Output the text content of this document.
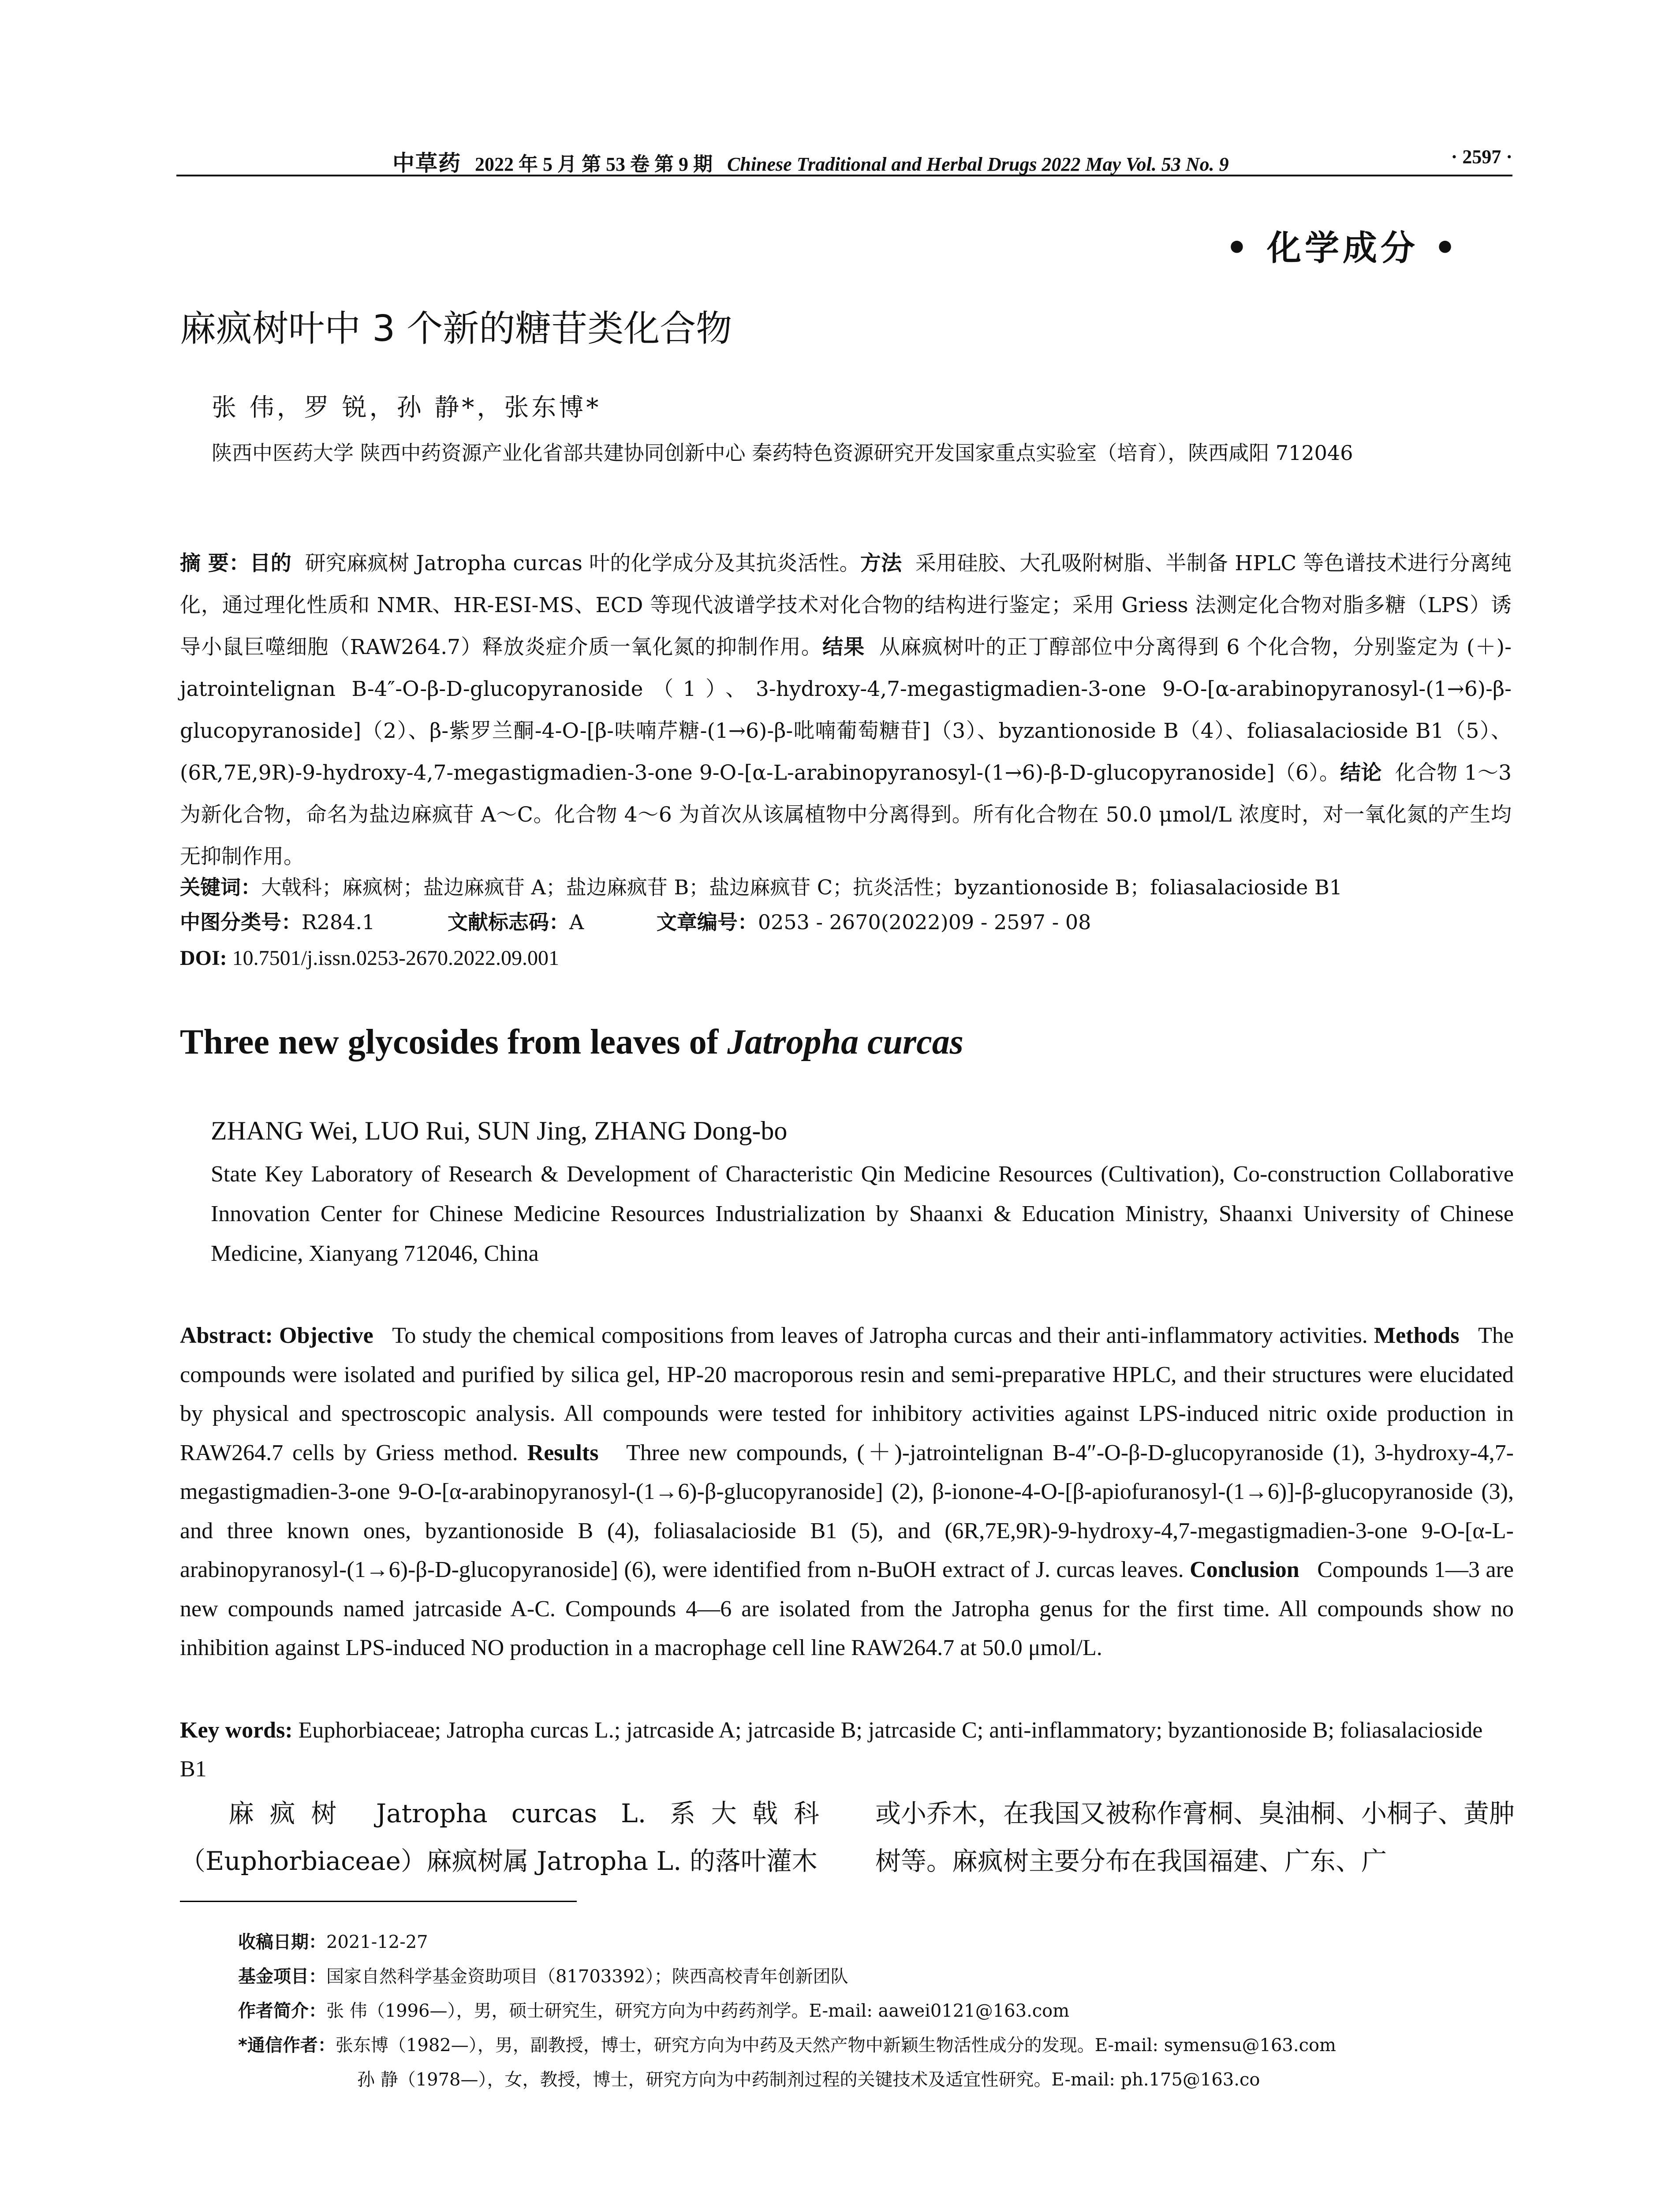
中草药 2022 年 5 月 第 53 卷 第 9 期 Chinese Traditional and Herbal Drugs 2022 May Vol. 53 No. 9	· 2597 ·
• 化学成分 •
麻疯树叶中 3 个新的糖苷类化合物
张 伟，罗 锐，孙 静*，张东博*
陕西中医药大学 陕西中药资源产业化省部共建协同创新中心 秦药特色资源研究开发国家重点实验室（培育），陕西咸阳 712046
摘 要：目的 研究麻疯树 Jatropha curcas 叶的化学成分及其抗炎活性。方法 采用硅胶、大孔吸附树脂、半制备 HPLC 等色谱技术进行分离纯化，通过理化性质和 NMR、HR-ESI-MS、ECD 等现代波谱学技术对化合物的结构进行鉴定；采用 Griess 法测定化合物对脂多糖（LPS）诱导小鼠巨噬细胞（RAW264.7）释放炎症介质一氧化氮的抑制作用。结果 从麻疯树叶的正丁醇部位中分离得到 6 个化合物，分别鉴定为 (＋)-jatrointelignan B-4″-O-β-D-glucopyranoside（1）、3-hydroxy-4,7-megastigmadien-3-one 9-O-[α-arabinopyranosyl-(1→6)-β-glucopyranoside]（2）、β-紫罗兰酮-4-O-[β-呋喃芹糖-(1→6)-β-吡喃葡萄糖苷]（3）、byzantionoside B（4）、foliasalacioside B1（5）、(6R,7E,9R)-9-hydroxy-4,7-megastigmadien-3-one 9-O-[α-L-arabinopyranosyl-(1→6)-β-D-glucopyranoside]（6）。结论 化合物 1～3 为新化合物，命名为盐边麻疯苷 A～C。化合物 4～6 为首次从该属植物中分离得到。所有化合物在 50.0 μmol/L 浓度时，对一氧化氮的产生均无抑制作用。
关键词：大戟科；麻疯树；盐边麻疯苷 A；盐边麻疯苷 B；盐边麻疯苷 C；抗炎活性；byzantionoside B；foliasalacioside B1
中图分类号：R284.1	文献标志码：A	文章编号：0253 - 2670(2022)09 - 2597 - 08
DOI: 10.7501/j.issn.0253-2670.2022.09.001
Three new glycosides from leaves of Jatropha curcas
ZHANG Wei, LUO Rui, SUN Jing, ZHANG Dong-bo
State Key Laboratory of Research & Development of Characteristic Qin Medicine Resources (Cultivation), Co-construction Collaborative Innovation Center for Chinese Medicine Resources Industrialization by Shaanxi & Education Ministry, Shaanxi University of Chinese Medicine, Xianyang 712046, China
Abstract: Objective To study the chemical compositions from leaves of Jatropha curcas and their anti-inflammatory activities. Methods The compounds were isolated and purified by silica gel, HP-20 macroporous resin and semi-preparative HPLC, and their structures were elucidated by physical and spectroscopic analysis. All compounds were tested for inhibitory activities against LPS-induced nitric oxide production in RAW264.7 cells by Griess method. Results Three new compounds, (＋)-jatrointelignan B-4″-O-β-D-glucopyranoside (1), 3-hydroxy-4,7-megastigmadien-3-one 9-O-[α-arabinopyranosyl-(1→6)-β-glucopyranoside] (2), β-ionone-4-O-[β-apiofuranosyl-(1→6)]-β-glucopyranoside (3), and three known ones, byzantionoside B (4), foliasalacioside B1 (5), and (6R,7E,9R)-9-hydroxy-4,7-megastigmadien-3-one 9-O-[α-L-arabinopyranosyl-(1→6)-β-D-glucopyranoside] (6), were identified from n-BuOH extract of J. curcas leaves. Conclusion Compounds 1—3 are new compounds named jatrcaside A-C. Compounds 4—6 are isolated from the Jatropha genus for the first time. All compounds show no inhibition against LPS-induced NO production in a macrophage cell line RAW264.7 at 50.0 μmol/L.
Key words: Euphorbiaceae; Jatropha curcas L.; jatrcaside A; jatrcaside B; jatrcaside C; anti-inflammatory; byzantionoside B; foliasalacioside B1
麻疯树 Jatropha curcas L. 系大戟科（Euphorbiaceae）麻疯树属 Jatropha L. 的落叶灌木
或小乔木，在我国又被称作膏桐、臭油桐、小桐子、黄肿树等。麻疯树主要分布在我国福建、广东、广
收稿日期：2021-12-27
基金项目：国家自然科学基金资助项目（81703392）；陕西高校青年创新团队
作者简介：张 伟（1996—），男，硕士研究生，研究方向为中药药剂学。E-mail: aawei0121@163.com
*通信作者：张东博（1982—），男，副教授，博士，研究方向为中药及天然产物中新颖生物活性成分的发现。E-mail: symensu@163.com
孙 静（1978—），女，教授，博士，研究方向为中药制剂过程的关键技术及适宜性研究。E-mail: ph.175@163.co
